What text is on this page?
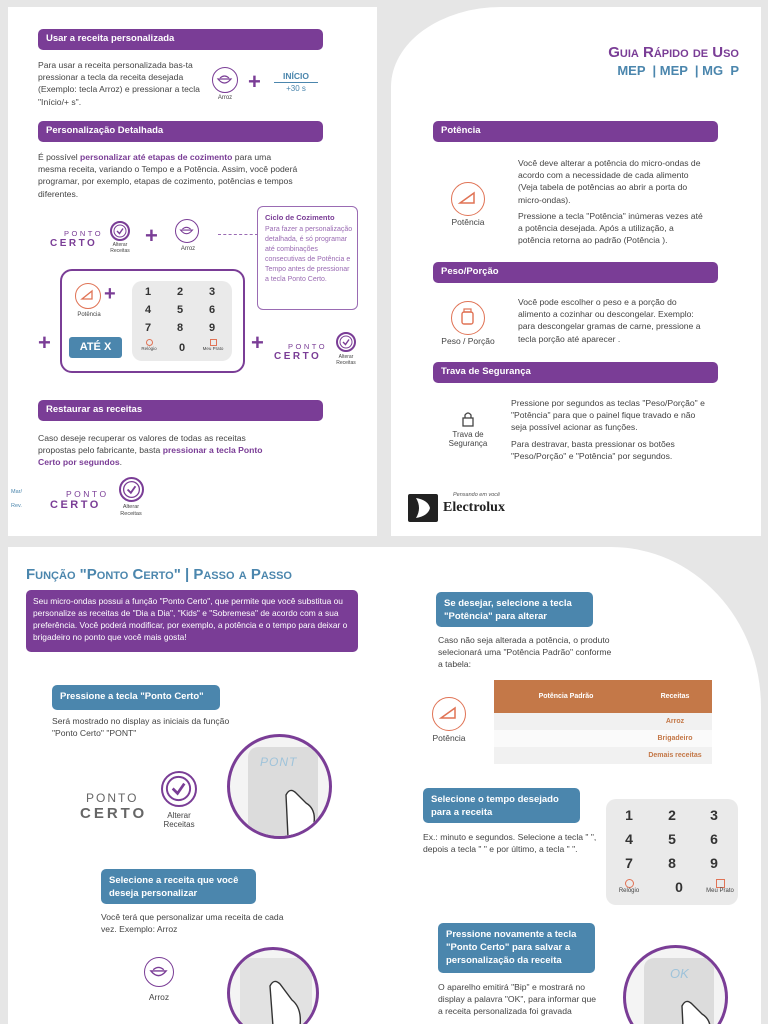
Usar a receita personalizada
Para usar a receita personalizada bas-ta pressionar a tecla da receita desejada (Exemplo: tecla Arroz) e pressionar a tecla "Início/+ s".	Arroz
+	INÍCIO
+30 s
Personalização Detalhada
É possível personalizar até etapas de cozimento para uma mesma receita, variando o Tempo e a Potência. Assim, você poderá programar, por exemplo, etapas de cozimento, potências e tempos diferentes.
PONTO
CERTO	Alterar
Receitas
+
Arroz
Ciclo de Cozimento
Para fazer a personalização detalhada, é só programar até combinações consecutivas de Potência e Tempo antes de pressionar a tecla Ponto Certo.
Potência
+
ATÉ X
1	2	3
4	5	6
7	8	9
Relógio	0	Meu Prato
+	+	PONTO
CERTO	Alterar
Receitas
Restaurar as receitas
Caso deseje recuperar os valores de todas as receitas propostas pelo fabricante, basta pressionar a tecla Ponto Certo por segundos.
PONTO
CERTO	Alterar
Receitas
Mar/
Rev.
Guia Rápido de Uso
MEP  | MEP  | MG  P
Potência
Potência
Você deve alterar a potência do micro-ondas de acordo com a necessidade de cada alimento (Veja tabela de potências ao abrir a porta do micro-ondas).
Pressione a tecla "Potência" inúmeras vezes até a potência desejada. Após a utilização, a potência retorna ao padrão (Potência ).
Peso/Porção
Peso / Porção
Você pode escolher o peso e a porção do alimento a cozinhar ou descongelar. Exemplo: para descongelar gramas de carne, pressione a tecla porção até aparecer .
Trava de Segurança
Trava de
Segurança
Pressione por segundos as teclas "Peso/Porção" e "Potência" para que o painel fique travado e não seja possível acionar as funções.
Para destravar, basta pressionar os botões "Peso/Porção" e "Potência" por segundos.
Pensando em você
Electrolux
Função "Ponto Certo" | Passo a Passo
Seu micro-ondas possui a função "Ponto Certo", que permite que você substitua ou personalize as receitas de "Dia a Dia", "Kids" e "Sobremesa" de acordo com a sua preferência. Você poderá modificar, por exemplo, a potência e o tempo para deixar o brigadeiro no ponto que você mais gosta!
Pressione a tecla "Ponto Certo"
Será mostrado no display as iniciais da função "Ponto Certo" "PONT"
PONTO
CERTO	Alterar
Receitas
PONT
Selecione a receita que você
deseja personalizar
Você terá que personalizar uma receita de cada vez. Exemplo: Arroz
Arroz
Se desejar, selecione a tecla
"Potência" para alterar
Caso não seja alterada a potência, o produto selecionará uma "Potência Padrão" conforme a tabela:
Potência
Potência Padrão	Receitas
	Arroz
	Brigadeiro
	Demais receitas
Selecione o tempo desejado
para a receita
Ex.: minuto e segundos. Selecione a tecla " ", depois a tecla " " e por último, a tecla " ".
1	2	3
4	5	6
7	8	9
Relógio	0	Meu Prato
Pressione novamente a tecla
"Ponto Certo" para salvar a
personalização da receita
O aparelho emitirá "Bip" e mostrará no display a palavra "OK", para informar que a receita personalizada foi gravada
OK
